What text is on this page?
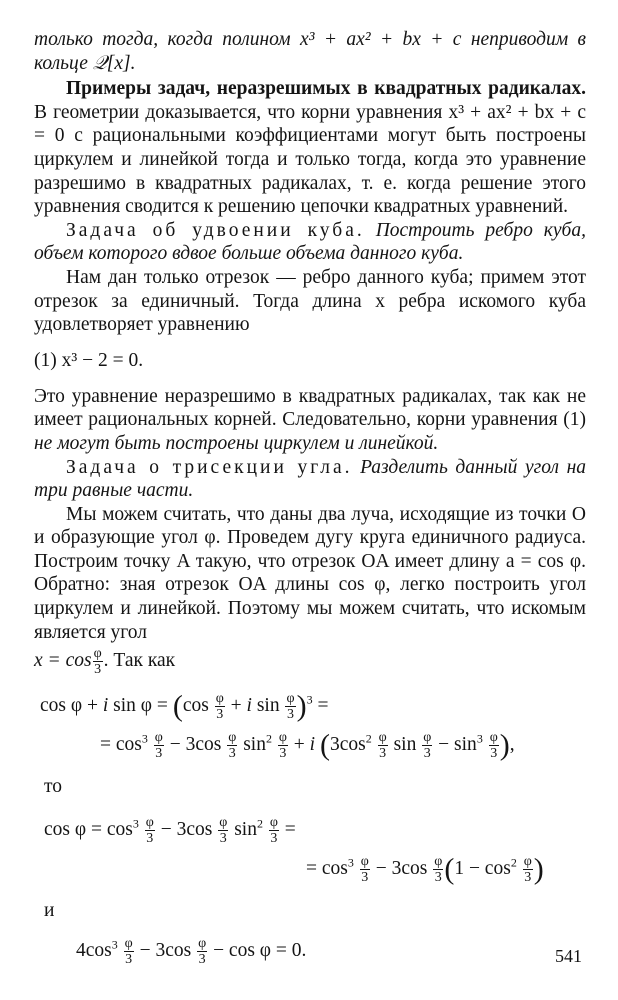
только тогда, когда полином x³ + ax² + bx + c неприводим в кольце 𝒬[x].

Примеры задач, неразрешимых в квадратных радикалах. В геометрии доказывается, что корни уравнения x³ + ax² + bx + c = 0 с рациональными коэффициентами могут быть построены циркулем и линейкой тогда и только тогда, когда это уравнение разрешимо в квадратных радикалах, т. е. когда решение этого уравнения сводится к решению цепочки квадратных уравнений.

Задача об удвоении куба. Построить ребро куба, объем которого вдвое больше объема данного куба.

Нам дан только отрезок — ребро данного куба; примем этот отрезок за единичный. Тогда длина x ребра искомого куба удовлетворяет уравнению

(1) x³ − 2 = 0.

Это уравнение неразрешимо в квадратных радикалах, так как не имеет рациональных корней. Следовательно, корни уравнения (1) не могут быть построены циркулем и линейкой.

Задача о трисекции угла. Разделить данный угол на три равные части.

Мы можем считать, что даны два луча, исходящие из точки O и образующие угол φ. Проведем дугу круга единичного радиуса. Построим точку A такую, что отрезок OA имеет длину a = cos φ. Обратно: зная отрезок OA длины cos φ, легко построить угол циркулем и линейкой. Поэтому мы можем считать, что искомым является угол

$x = \cos \frac{\varphi}{3}$ . Так как

cos φ + i $\sin \varphi = (\cos \frac{\varphi}{3} + i$ $\sin \frac{\varphi}{3} )^3$ =
= $\cos^3 \frac{\varphi}{3} - 3\cos \frac{\varphi}{3} \sin^2 \frac{\varphi}{3} + i$ ($3\cos^2 \frac{\varphi}{3}$ $\sin \frac{\varphi}{3} - \sin^3 \frac{\varphi}{3}$ ),

то

$\cos \varphi = \cos^3 \frac{\varphi}{3} - 3\cos \frac{\varphi}{3} \sin^2 \frac{\varphi}{3}$ =
= $\cos^3 \frac{\varphi}{3} - 3\cos \frac{\varphi}{3} (1 - \cos^2 \frac{\varphi}{3}$ )

и

$4\cos^3 \frac{\varphi}{3} - 3\cos \frac{\varphi}{3} - \cos \varphi = 0$.	541
